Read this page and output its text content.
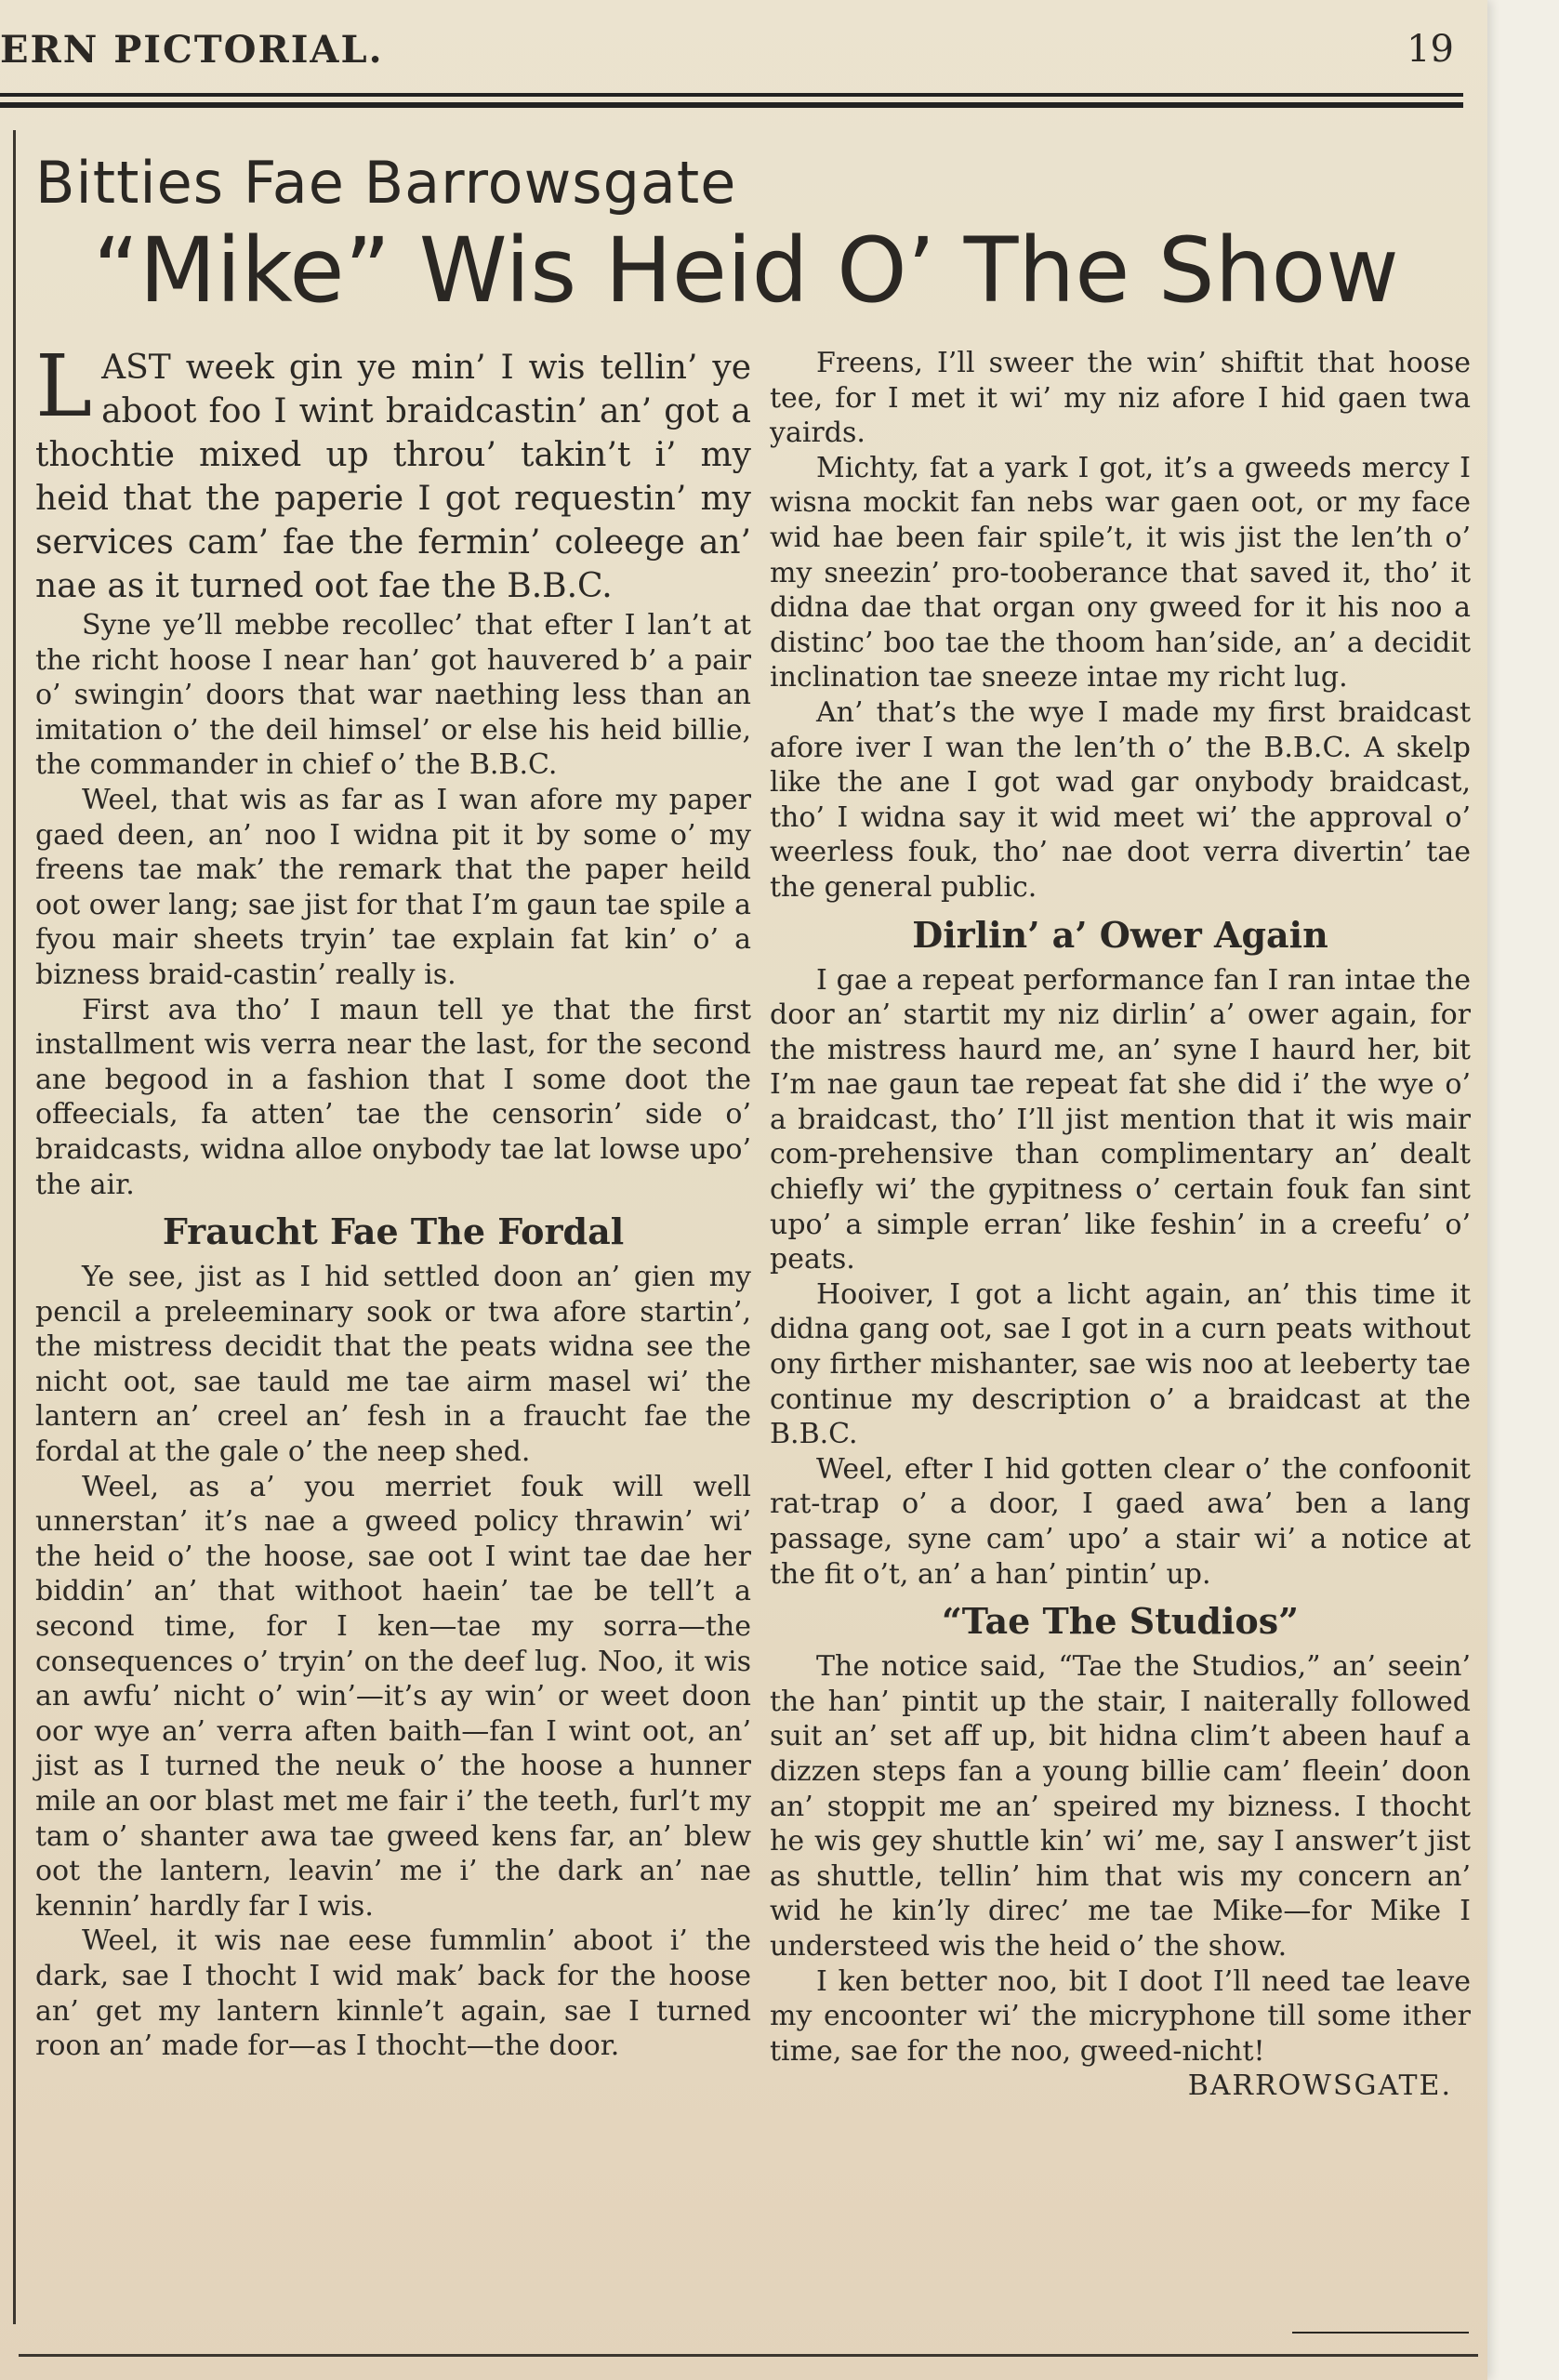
ERN PICTORIAL.	19
Bitties Fae Barrowsgate
“Mike” Wis Heid O’ The Show

LAST week gin ye min’ I wis tellin’ ye aboot foo I wint braidcastin’ an’ got a thochtie mixed up throu’ takin’t i’ my heid that the paperie I got requestin’ my services cam’ fae the fermin’ coleege an’ nae as it turned oot fae the B.B.C.

Syne ye’ll mebbe recollec’ that efter I lan’t at the richt hoose I near han’ got hauvered b’ a pair o’ swingin’ doors that war naething less than an imitation o’ the deil himsel’ or else his heid billie, the commander in chief o’ the B.B.C.

Weel, that wis as far as I wan afore my paper gaed deen, an’ noo I widna pit it by some o’ my freens tae mak’ the remark that the paper heild oot ower lang; sae jist for that I’m gaun tae spile a fyou mair sheets tryin’ tae explain fat kin’ o’ a bizness braid-castin’ really is.

First ava tho’ I maun tell ye that the first installment wis verra near the last, for the second ane begood in a fashion that I some doot the offeecials, fa atten’ tae the censorin’ side o’ braidcasts, widna alloe onybody tae lat lowse upo’ the air.

Fraucht Fae The Fordal

Ye see, jist as I hid settled doon an’ gien my pencil a preleeminary sook or twa afore startin’, the mistress decidit that the peats widna see the nicht oot, sae tauld me tae airm masel wi’ the lantern an’ creel an’ fesh in a fraucht fae the fordal at the gale o’ the neep shed.

Weel, as a’ you merriet fouk will well unnerstan’ it’s nae a gweed policy thrawin’ wi’ the heid o’ the hoose, sae oot I wint tae dae her biddin’ an’ that withoot haein’ tae be tell’t a second time, for I ken—tae my sorra—the consequences o’ tryin’ on the deef lug. Noo, it wis an awfu’ nicht o’ win’—it’s ay win’ or weet doon oor wye an’ verra aften baith—fan I wint oot, an’ jist as I turned the neuk o’ the hoose a hunner mile an oor blast met me fair i’ the teeth, furl’t my tam o’ shanter awa tae gweed kens far, an’ blew oot the lantern, leavin’ me i’ the dark an’ nae kennin’ hardly far I wis.

Weel, it wis nae eese fummlin’ aboot i’ the dark, sae I thocht I wid mak’ back for the hoose an’ get my lantern kinnle’t again, sae I turned roon an’ made for—as I thocht—the door.

Freens, I’ll sweer the win’ shiftit that hoose tee, for I met it wi’ my niz afore I hid gaen twa yairds.

Michty, fat a yark I got, it’s a gweeds mercy I wisna mockit fan nebs war gaen oot, or my face wid hae been fair spile’t, it wis jist the len’th o’ my sneezin’ pro-tooberance that saved it, tho’ it didna dae that organ ony gweed for it his noo a distinc’ boo tae the thoom han’side, an’ a decidit inclination tae sneeze intae my richt lug.

An’ that’s the wye I made my first braidcast afore iver I wan the len’th o’ the B.B.C. A skelp like the ane I got wad gar onybody braidcast, tho’ I widna say it wid meet wi’ the approval o’ weerless fouk, tho’ nae doot verra divertin’ tae the general public.

Dirlin’ a’ Ower Again

I gae a repeat performance fan I ran intae the door an’ startit my niz dirlin’ a’ ower again, for the mistress haurd me, an’ syne I haurd her, bit I’m nae gaun tae repeat fat she did i’ the wye o’ a braidcast, tho’ I’ll jist mention that it wis mair com-prehensive than complimentary an’ dealt chiefly wi’ the gypitness o’ certain fouk fan sint upo’ a simple erran’ like feshin’ in a creefu’ o’ peats.

Hooiver, I got a licht again, an’ this time it didna gang oot, sae I got in a curn peats without ony firther mishanter, sae wis noo at leeberty tae continue my description o’ a braidcast at the B.B.C.

Weel, efter I hid gotten clear o’ the confoonit rat-trap o’ a door, I gaed awa’ ben a lang passage, syne cam’ upo’ a stair wi’ a notice at the fit o’t, an’ a han’ pintin’ up.

“Tae The Studios”

The notice said, “Tae the Studios,” an’ seein’ the han’ pintit up the stair, I naiterally followed suit an’ set aff up, bit hidna clim’t abeen hauf a dizzen steps fan a young billie cam’ fleein’ doon an’ stoppit me an’ speired my bizness. I thocht he wis gey shuttle kin’ wi’ me, say I answer’t jist as shuttle, tellin’ him that wis my concern an’ wid he kin’ly direc’ me tae Mike—for Mike I understeed wis the heid o’ the show.

I ken better noo, bit I doot I’ll need tae leave my encoonter wi’ the micryphone till some ither time, sae for the noo, gweed-nicht!

BARROWSGATE.
